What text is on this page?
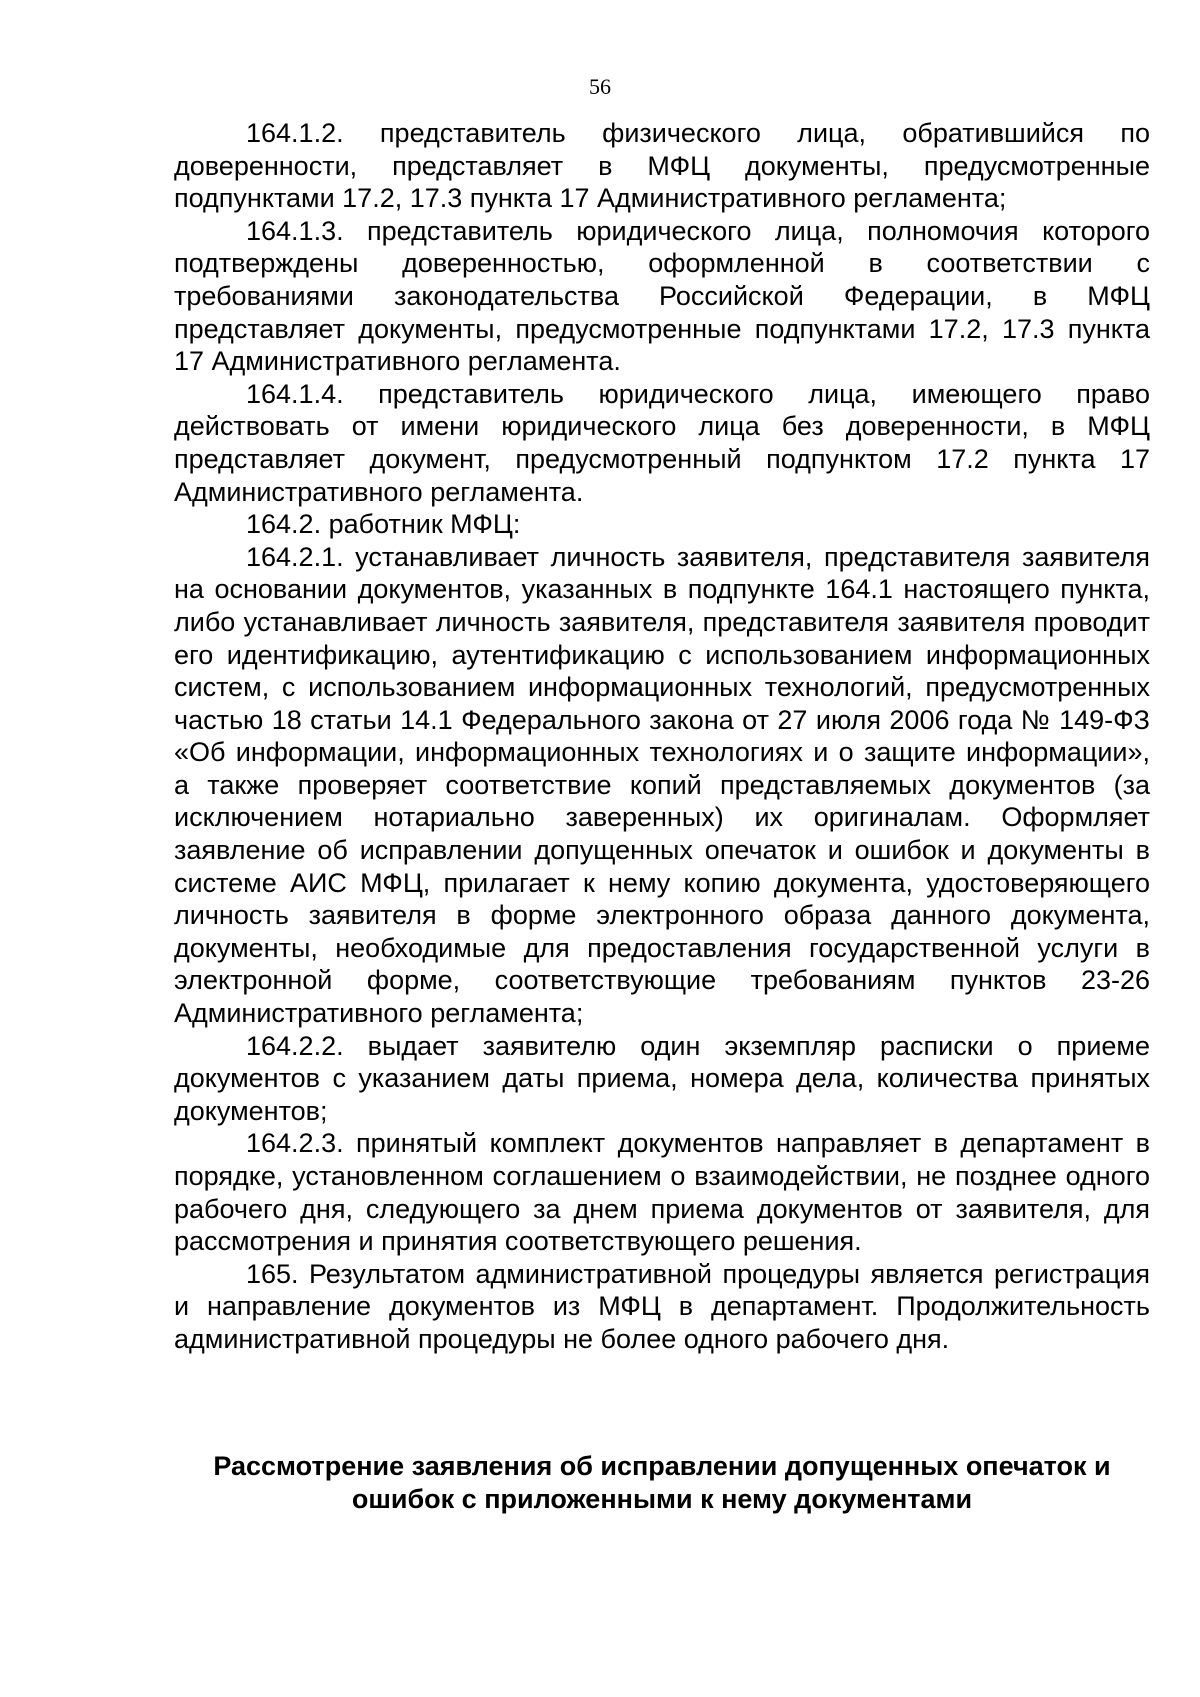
56

164.1.2. представитель физического лица, обратившийся по доверенности, представляет в МФЦ документы, предусмотренные подпунктами 17.2, 17.3 пункта 17 Административного регламента;

164.1.3. представитель юридического лица, полномочия которого подтверждены доверенностью, оформленной в соответствии с требованиями законодательства Российской Федерации, в МФЦ представляет документы, предусмотренные подпунктами 17.2, 17.3 пункта 17 Административного регламента.

164.1.4. представитель юридического лица, имеющего право действовать от имени юридического лица без доверенности, в МФЦ представляет документ, предусмотренный подпунктом 17.2 пункта 17 Административного регламента.

164.2. работник МФЦ:

164.2.1. устанавливает личность заявителя, представителя заявителя на основании документов, указанных в подпункте 164.1 настоящего пункта, либо устанавливает личность заявителя, представителя заявителя проводит его идентификацию, аутентификацию с использованием информационных систем, с использованием информационных технологий, предусмотренных частью 18 статьи 14.1 Федерального закона от 27 июля 2006 года № 149-ФЗ «Об информации, информационных технологиях и о защите информации», а также проверяет соответствие копий представляемых документов (за исключением нотариально заверенных) их оригиналам. Оформляет заявление об исправлении допущенных опечаток и ошибок и документы в системе АИС МФЦ, прилагает к нему копию документа, удостоверяющего личность заявителя в форме электронного образа данного документа, документы, необходимые для предоставления государственной услуги в электронной форме, соответствующие требованиям пунктов 23-26 Административного регламента;

164.2.2. выдает заявителю один экземпляр расписки о приеме документов с указанием даты приема, номера дела, количества принятых документов;

164.2.3. принятый комплект документов направляет в департамент в порядке, установленном соглашением о взаимодействии, не позднее одного рабочего дня, следующего за днем приема документов от заявителя, для рассмотрения и принятия соответствующего решения.

165. Результатом административной процедуры является регистрация и направление документов из МФЦ в департамент. Продолжительность административной процедуры не более одного рабочего дня.

Рассмотрение заявления об исправлении допущенных опечаток и
ошибок с приложенными к нему документами
